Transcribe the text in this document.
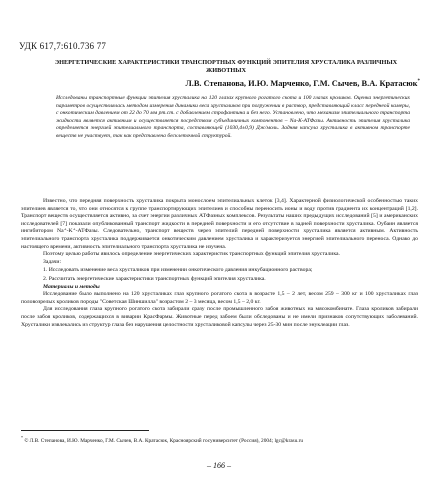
УДК 617,7:610.736 77
ЭНЕРГЕТИЧЕСКИЕ ХАРАКТЕРИСТИКИ ТРАНСПОРТНЫХ ФУНКЦИЙ ЭПИТЕЛИЯ ХРУСТАЛИКА РАЗЛИЧНЫХ ЖИВОТНЫХ
Л.В. Степанова, И.Ю. Марченко, Г.М. Сычев, В.А. Кратасюк*
Исследованы транспортные функции эпителия хрусталика на 120 глазах крупного рогатого скота и 100 глазах кроликов. Оценка энергетических параметров осуществлялась методом измерения динамики веса хрусталиков при погружении в раствор, представляющий класс переднеой камеры, с онкотическим давлением от 22 до 70 мм рт.ст. с добавлением строфантина и без него. Установлено, что механизм эпителиального транспорта жидкости является активным и осуществляется посредством субъединичных компонентов – Na-K-АТФазы. Активность эпителия хрусталика определяется энергией эпителиального транспорта, составляющей (1030,4±0,9) Дж/моль. Задняя капсула хрусталика в активном транспорте веществ не участвует, так как представлена бесклеточной структурой.

Известно, что передняя поверхность хрусталика покрыта монослоем эпителиальных клеток [3,4]. Характерной физиологической особенностью таких эпителиев является то, что они относятся к группе транспортирующих эпителиев и способны переносить ионы и воду против градиента их концентраций [1,2]. Транспорт веществ осуществляется активно, за счет энергии различных АТФазных комплексов. Результаты наших предыдущих исследований [5] и американских исследователей [7] показали опубликованный транспорт жидкости в передней поверхности и его отсутствие в задней поверхности хрусталика. Оубаин является ингибитором Na⁺-K⁺-АТФазы. Следовательно, транспорт веществ через эпителий передней поверхности хрусталика является активным. Активность эпителиального транспорта хрусталика поддерживается онкотическим давлением хрусталика и характеризуется энергией эпителиального переноса. Однако до настоящего времени, активность эпителиального транспорта хрусталика не изучена.

Поэтому целью работы явилось определение энергетических характеристик транспортных функций эпителия хрусталика.

Задачи:

1. Исследовать изменение веса хрусталиков при изменении онкотического давления инкубационного раствора;

2. Рассчитать энергетические характеристики транспортных функций эпителия хрусталика.

Материалы и методы

Исследование было выполнено на 120 хрусталиках глаз крупного рогатого скота в возрасте 1,5 – 2 лет, весом 259 – 300 кг и 100 хрусталиках глаз половозрелых кроликов породы "Советская Шиншилла" возрастом 2 – 3 месяца, весом 1,5 – 2,0 кг.

Для исследования глаза крупного рогатого скота забирали сразу после промышленного забоя животных на мясокомбинате. Глаза кроликов забирали после забоя кроликов, содержащихся в виварии КрасФармы. Животные перед забоем были обследованы и не имели признаков сопутствующих заболеваний. Хрусталики извлекались из структур глаза без нарушения целостности хрусталиковой капсулы через 25-30 мин после энуклеации глаз.

* © Л.В. Степанова, И.Ю. Марченко, Г.М. Сычев, В.А. Кратасюк, Красноярский госуниверситет (Россия), 2004; lgc@krasu.ru
– 166 –
